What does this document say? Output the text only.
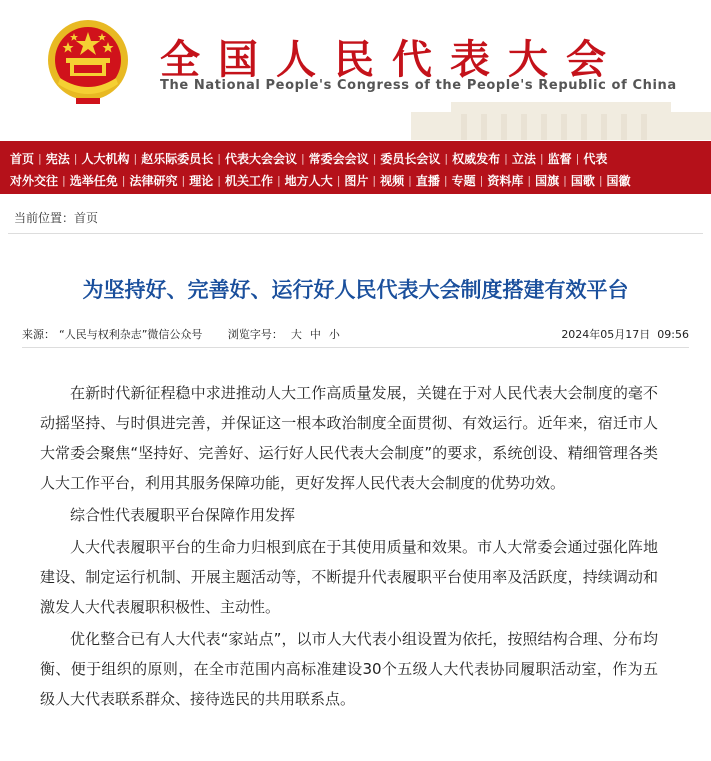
全国人民代表大会
The National People's Congress of the People's Republic of China
首页 | 宪法 | 人大机构 | 赵乐际委员长 | 代表大会会议 | 常委会会议 | 委员长会议 | 权威发布 | 立法 | 监督 | 代表
对外交往 | 选举任免 | 法律研究 | 理论 | 机关工作 | 地方人大 | 图片 | 视频 | 直播 | 专题 | 资料库 | 国旗 | 国歌 | 国徽
当前位置：首页
为坚持好、完善好、运行好人民代表大会制度搭建有效平台
来源： “人民与权利杂志”微信公众号 浏览字号： 大 中 小	2024年05月17日  09:56

在新时代新征程稳中求进推动人大工作高质量发展，关键在于对人民代表大会制度的毫不动摇坚持、与时俱进完善，并保证这一根本政治制度全面贯彻、有效运行。近年来，宿迁市人大常委会聚焦“坚持好、完善好、运行好人民代表大会制度”的要求，系统创设、精细管理各类人大工作平台，利用其服务保障功能，更好发挥人民代表大会制度的优势功效。

综合性代表履职平台保障作用发挥

人大代表履职平台的生命力归根到底在于其使用质量和效果。市人大常委会通过强化阵地建设、制定运行机制、开展主题活动等，不断提升代表履职平台使用率及活跃度，持续调动和激发人大代表履职积极性、主动性。

优化整合已有人大代表“家站点”，以市人大代表小组设置为依托，按照结构合理、分布均衡、便于组织的原则，在全市范围内高标准建设30个五级人大代表协同履职活动室，作为五级人大代表联系群众、接待选民的共用联系点。
